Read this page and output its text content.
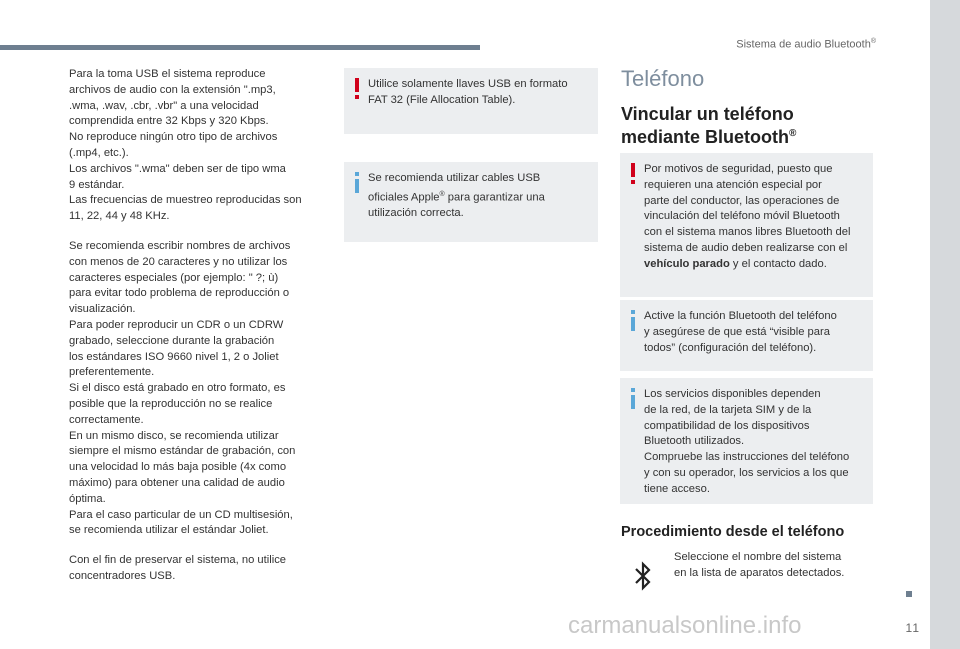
Sistema de audio Bluetooth®
11

Para la toma USB el sistema reproduce
archivos de audio con la extensión ".mp3,
.wma, .wav, .cbr, .vbr" a una velocidad
comprendida entre 32 Kbps y 320 Kbps.
No reproduce ningún otro tipo de archivos
(.mp4, etc.).
Los archivos ".wma" deben ser de tipo wma
9 estándar.
Las frecuencias de muestreo reproducidas son
11, 22, 44 y 48 KHz.

Se recomienda escribir nombres de archivos
con menos de 20 caracteres y no utilizar los
caracteres especiales (por ejemplo: " ?; ù)
para evitar todo problema de reproducción o
visualización.
Para poder reproducir un CDR o un CDRW
grabado, seleccione durante la grabación
los estándares ISO 9660 nivel 1, 2 o Joliet
preferentemente.
Si el disco está grabado en otro formato, es
posible que la reproducción no se realice
correctamente.
En un mismo disco, se recomienda utilizar
siempre el mismo estándar de grabación, con
una velocidad lo más baja posible (4x como
máximo) para obtener una calidad de audio
óptima.
Para el caso particular de un CD multisesión,
se recomienda utilizar el estándar Joliet.

Con el fin de preservar el sistema, no utilice
concentradores USB.

Utilice solamente llaves USB en formato
FAT 32 (File Allocation Table).

Se recomienda utilizar cables USB
oficiales Apple® para garantizar una
utilización correcta.

Teléfono
Vincular un teléfono
mediante Bluetooth®

Por motivos de seguridad, puesto que
requieren una atención especial por
parte del conductor, las operaciones de
vinculación del teléfono móvil Bluetooth
con el sistema manos libres Bluetooth del
sistema de audio deben realizarse con el
vehículo parado y el contacto dado.

Active la función Bluetooth del teléfono
y asegúrese de que está “visible para
todos” (configuración del teléfono).

Los servicios disponibles dependen
de la red, de la tarjeta SIM y de la
compatibilidad de los dispositivos
Bluetooth utilizados.
Compruebe las instrucciones del teléfono
y con su operador, los servicios a los que
tiene acceso.

Procedimiento desde el teléfono
Seleccione el nombre del sistema
en la lista de aparatos detectados.
carmanualsonline.info
